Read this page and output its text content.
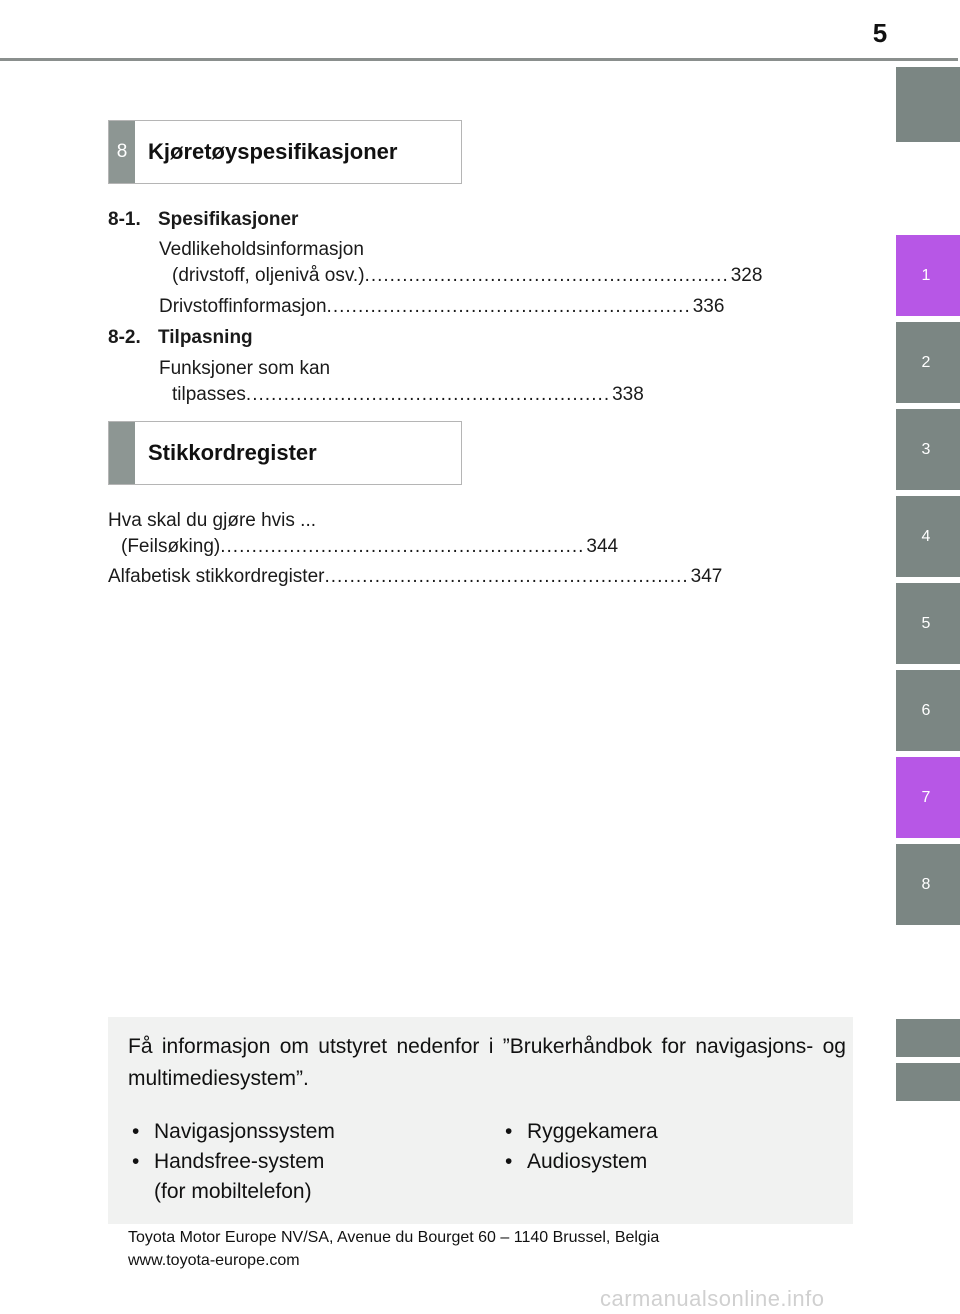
5
1
2
3
4
5
6
7
8
8 Kjøretøyspesifikasjoner
8-1. Spesifikasjoner
Vedlikeholdsinformasjon
(drivstoff, oljenivå osv.) .......................................................... 328
Drivstoffinformasjon .......................................................... 336
8-2. Tilpasning
Funksjoner som kan
tilpasses .......................................................... 338
Stikkordregister
Hva skal du gjøre hvis ...
(Feilsøking) .......................................................... 344
Alfabetisk stikkordregister .......................................................... 347
Få informasjon om utstyret nedenfor i ”Brukerhåndbok for navigasjons- og multimediesystem”.
• Navigasjonssystem
• Handsfree-system
(for mobiltelefon)
• Ryggekamera
• Audiosystem
Toyota Motor Europe NV/SA, Avenue du Bourget 60 – 1140 Brussel, Belgia
www.toyota-europe.com
carmanualsonline.info
